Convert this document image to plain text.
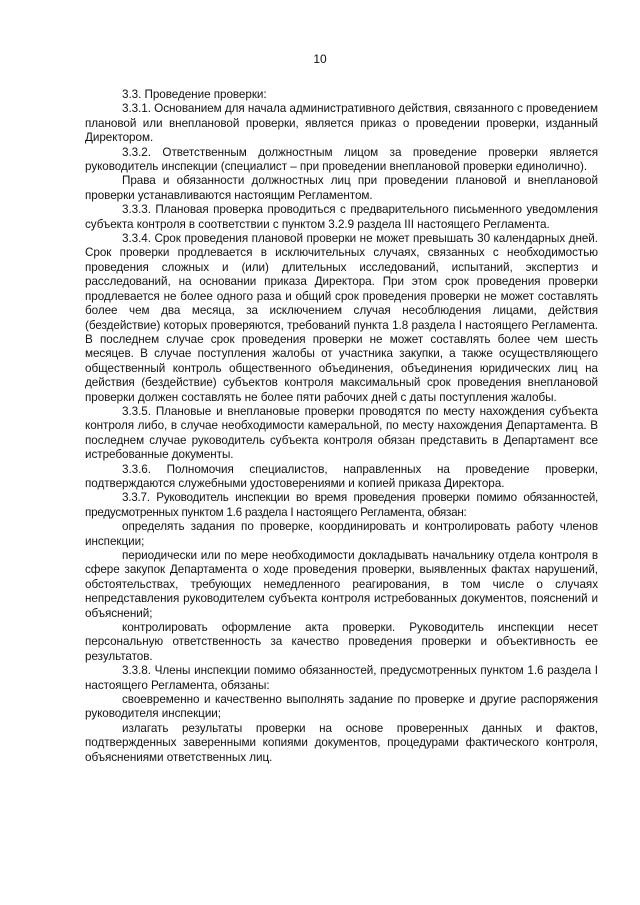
10

3.3. Проведение проверки:

3.3.1. Основанием для начала административного действия, связанного с проведением плановой или внеплановой проверки, является приказ о проведении проверки, изданный Директором.

3.3.2. Ответственным должностным лицом за проведение проверки является руководитель инспекции (специалист – при проведении внеплановой проверки единолично).

Права и обязанности должностных лиц при проведении плановой и внеплановой проверки устанавливаются настоящим Регламентом.

3.3.3. Плановая проверка проводиться с предварительного письменного уведомления субъекта контроля в соответствии с пунктом 3.2.9 раздела III настоящего Регламента.

3.3.4. Срок проведения плановой проверки не может превышать 30 календарных дней. Срок проверки продлевается в исключительных случаях, связанных с необходимостью проведения сложных и (или) длительных исследований, испытаний, экспертиз и расследований, на основании приказа Директора. При этом срок проведения проверки продлевается не более одного раза и общий срок проведения проверки не может составлять более чем два месяца, за исключением случая несоблюдения лицами, действия (бездействие) которых проверяются, требований пункта 1.8 раздела I настоящего Регламента. В последнем случае срок проведения проверки не может составлять более чем шесть месяцев. В случае поступления жалобы от участника закупки, а также осуществляющего общественный контроль общественного объединения, объединения юридических лиц на действия (бездействие) субъектов контроля максимальный срок проведения внеплановой проверки должен составлять не более пяти рабочих дней с даты поступления жалобы.

3.3.5. Плановые и внеплановые проверки проводятся по месту нахождения субъекта контроля либо, в случае необходимости камеральной, по месту нахождения Департамента. В последнем случае руководитель субъекта контроля обязан представить в Департамент все истребованные документы.

3.3.6. Полномочия специалистов, направленных на проведение проверки, подтверждаются служебными удостоверениями и копией приказа Директора.

3.3.7. Руководитель инспекции во время проведения проверки помимо обязанностей, предусмотренных пунктом 1.6 раздела I настоящего Регламента, обязан:

определять задания по проверке, координировать и контролировать работу членов инспекции;

периодически или по мере необходимости докладывать начальнику отдела контроля в сфере закупок Департамента о ходе проведения проверки, выявленных фактах нарушений, обстоятельствах, требующих немедленного реагирования, в том числе о случаях непредставления руководителем субъекта контроля истребованных документов, пояснений и объяснений;

контролировать оформление акта проверки. Руководитель инспекции несет персональную ответственность за качество проведения проверки и объективность ее результатов.

3.3.8. Члены инспекции помимо обязанностей, предусмотренных пунктом 1.6 раздела I настоящего Регламента, обязаны:

своевременно и качественно выполнять задание по проверке и другие распоряжения руководителя инспекции;

излагать результаты проверки на основе проверенных данных и фактов, подтвержденных заверенными копиями документов, процедурами фактического контроля, объяснениями ответственных лиц.
